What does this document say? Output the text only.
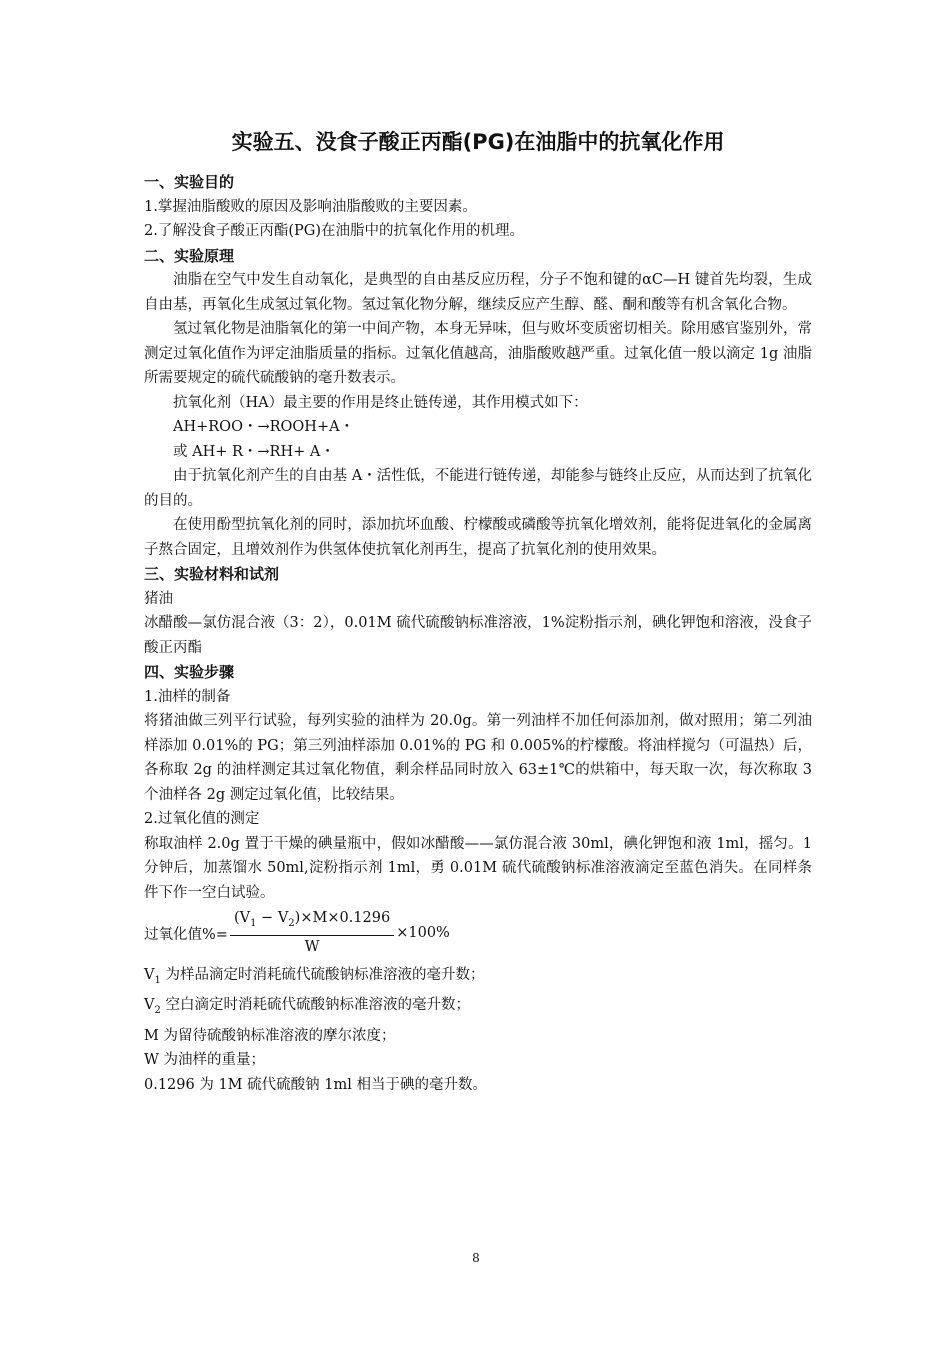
实验五、没食子酸正丙酯(PG)在油脂中的抗氧化作用

一、实验目的

1.掌握油脂酸败的原因及影响油脂酸败的主要因素。

2.了解没食子酸正丙酯(PG)在油脂中的抗氧化作用的机理。

二、实验原理

油脂在空气中发生自动氧化，是典型的自由基反应历程，分子不饱和键的αC—H 键首先均裂，生成自由基，再氧化生成氢过氧化物。氢过氧化物分解，继续反应产生醇、醛、酮和酸等有机含氧化合物。

氢过氧化物是油脂氧化的第一中间产物，本身无异味，但与败坏变质密切相关。除用感官鉴别外，常测定过氧化值作为评定油脂质量的指标。过氧化值越高，油脂酸败越严重。过氧化值一般以滴定 1g 油脂所需要规定的硫代硫酸钠的毫升数表示。

抗氧化剂（HA）最主要的作用是终止链传递，其作用模式如下：

AH+ROO・→ROOH+A・

或 AH+ R・→RH+ A・

由于抗氧化剂产生的自由基 A・活性低，不能进行链传递，却能参与链终止反应，从而达到了抗氧化的目的。

在使用酚型抗氧化剂的同时，添加抗坏血酸、柠檬酸或磷酸等抗氧化增效剂，能将促进氧化的金属离子熬合固定，且增效剂作为供氢体使抗氧化剂再生，提高了抗氧化剂的使用效果。

三、实验材料和试剂

猪油

冰醋酸—氯仿混合液（3：2），0.01M 硫代硫酸钠标准溶液，1%淀粉指示剂，碘化钾饱和溶液，没食子酸正丙酯

四、实验步骤

1.油样的制备

将猪油做三列平行试验，每列实验的油样为 20.0g。第一列油样不加任何添加剂，做对照用；第二列油样添加 0.01%的 PG；第三列油样添加 0.01%的 PG 和 0.005%的柠檬酸。将油样搅匀（可温热）后，各称取 2g 的油样测定其过氧化物值，剩余样品同时放入 63±1℃的烘箱中，每天取一次，每次称取 3 个油样各 2g 测定过氧化值，比较结果。

2.过氧化值的测定

称取油样 2.0g 置于干燥的碘量瓶中，假如冰醋酸——氯仿混合液 30ml，碘化钾饱和液 1ml，摇匀。1 分钟后，加蒸馏水 50ml,淀粉指示剂 1ml，勇 0.01M 硫代硫酸钠标准溶液滴定至蓝色消失。在同样条件下作一空白试验。

过氧化值%= $\frac{(V_1 - V_2)\times M\times 0.1296}{W} \times 100\%$

$V_1$ 为样品滴定时消耗硫代硫酸钠标准溶液的毫升数；

$V_2$ 空白滴定时消耗硫代硫酸钠标准溶液的毫升数；

M 为留待硫酸钠标准溶液的摩尔浓度；

W 为油样的重量；

0.1296 为 1M 硫代硫酸钠 1ml 相当于碘的毫升数。

8
